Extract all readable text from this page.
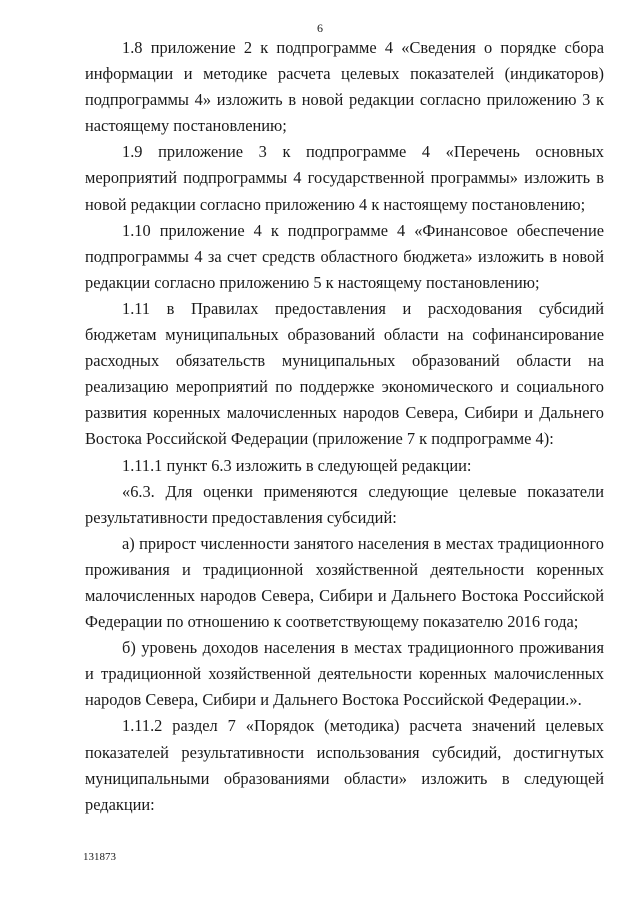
6

1.8 приложение 2 к подпрограмме 4 «Сведения о порядке сбора информации и методике расчета целевых показателей (индикаторов) подпрограммы 4» изложить в новой редакции согласно приложению 3 к настоящему постановлению;

1.9 приложение 3 к подпрограмме 4 «Перечень основных мероприятий подпрограммы 4 государственной программы» изложить в новой редакции согласно приложению 4 к настоящему постановлению;

1.10 приложение 4 к подпрограмме 4 «Финансовое обеспечение подпрограммы 4 за счет средств областного бюджета» изложить в новой редакции согласно приложению 5 к настоящему постановлению;

1.11 в Правилах предоставления и расходования субсидий бюджетам муниципальных образований области на софинансирование расходных обязательств муниципальных образований области на реализацию мероприятий по поддержке экономического и социального развития коренных малочисленных народов Севера, Сибири и Дальнего Востока Российской Федерации (приложение 7 к подпрограмме 4):

1.11.1 пункт 6.3 изложить в следующей редакции:

«6.3. Для оценки применяются следующие целевые показатели результативности предоставления субсидий:

а) прирост численности занятого населения в местах традиционного проживания и традиционной хозяйственной деятельности коренных малочисленных народов Севера, Сибири и Дальнего Востока Российской Федерации по отношению к соответствующему показателю 2016 года;

б) уровень доходов населения в местах традиционного проживания и традиционной хозяйственной деятельности коренных малочисленных народов Севера, Сибири и Дальнего Востока Российской Федерации.».

1.11.2 раздел 7 «Порядок (методика) расчета значений целевых показателей результативности использования субсидий, достигнутых муниципальными образованиями области» изложить в следующей редакции:

131873
